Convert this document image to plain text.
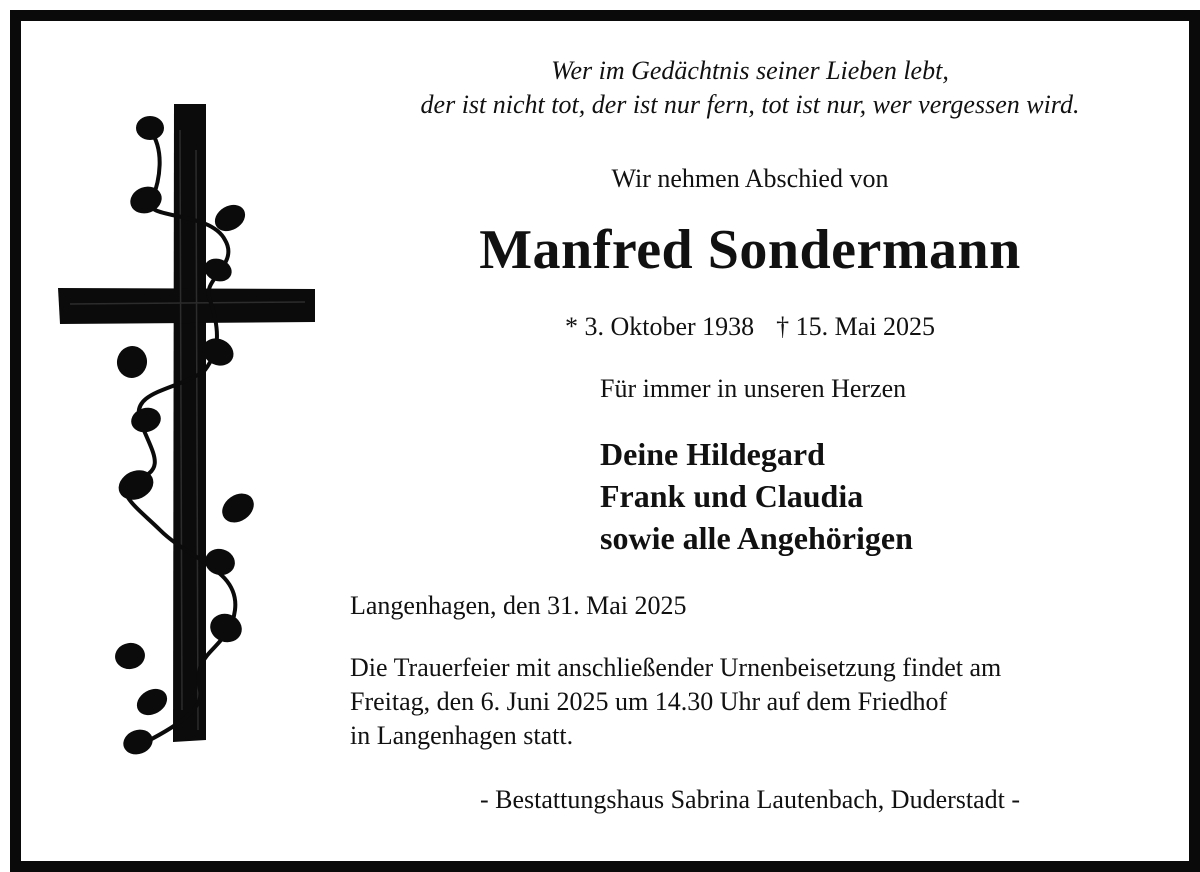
Wer im Gedächtnis seiner Lieben lebt,
der ist nicht tot, der ist nur fern, tot ist nur, wer vergessen wird.
Wir nehmen Abschied von
Manfred Sondermann
* 3. Oktober 1938 † 15. Mai 2025
Für immer in unseren Herzen
Deine Hildegard
Frank und Claudia
sowie alle Angehörigen
Langenhagen, den 31. Mai 2025
Die Trauerfeier mit anschließender Urnenbeisetzung findet am
Freitag, den 6. Juni 2025 um 14.30 Uhr auf dem Friedhof
in Langenhagen statt.
- Bestattungshaus Sabrina Lautenbach, Duderstadt -
